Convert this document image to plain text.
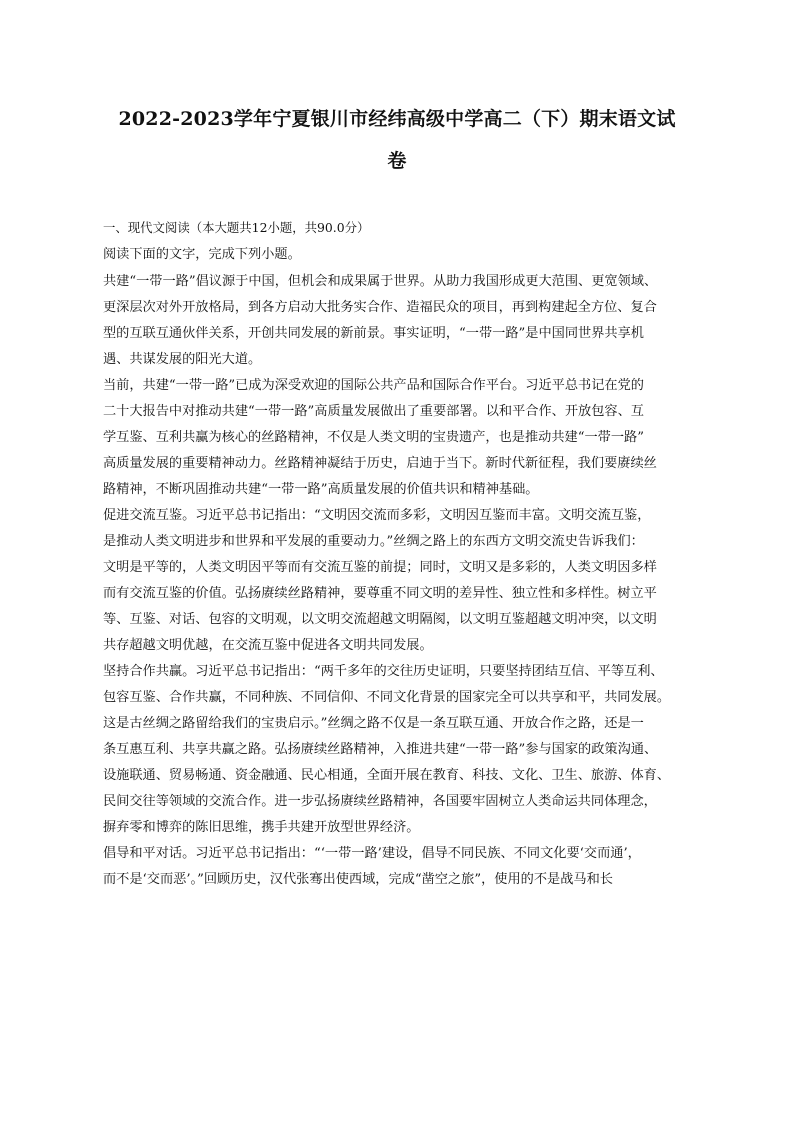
2022-2023学年宁夏银川市经纬高级中学高二（下）期末语文试
卷
一、现代文阅读（本大题共12小题，共90.0分）
阅读下面的文字，完成下列小题。
共建“一带一路”倡议源于中国，但机会和成果属于世界。从助力我国形成更大范围、更宽领域、
更深层次对外开放格局，到各方启动大批务实合作、造福民众的项目，再到构建起全方位、复合
型的互联互通伙伴关系，开创共同发展的新前景。事实证明，“一带一路”是中国同世界共享机
遇、共谋发展的阳光大道。
当前，共建“一带一路”已成为深受欢迎的国际公共产品和国际合作平台。习近平总书记在党的
二十大报告中对推动共建“一带一路”高质量发展做出了重要部署。以和平合作、开放包容、互
学互鉴、互利共赢为核心的丝路精神，不仅是人类文明的宝贵遗产，也是推动共建“一带一路”
高质量发展的重要精神动力。丝路精神凝结于历史，启迪于当下。新时代新征程，我们要赓续丝
路精神，不断巩固推动共建“一带一路”高质量发展的价值共识和精神基础。
促进交流互鉴。习近平总书记指出：“文明因交流而多彩，文明因互鉴而丰富。文明交流互鉴，
是推动人类文明进步和世界和平发展的重要动力。”丝绸之路上的东西方文明交流史告诉我们：
文明是平等的，人类文明因平等而有交流互鉴的前提；同时，文明又是多彩的，人类文明因多样
而有交流互鉴的价值。弘扬赓续丝路精神，要尊重不同文明的差异性、独立性和多样性。树立平
等、互鉴、对话、包容的文明观，以文明交流超越文明隔阂，以文明互鉴超越文明冲突，以文明
共存超越文明优越，在交流互鉴中促进各文明共同发展。
坚持合作共赢。习近平总书记指出：“两千多年的交往历史证明，只要坚持团结互信、平等互利、
包容互鉴、合作共赢，不同种族、不同信仰、不同文化背景的国家完全可以共享和平，共同发展。
这是古丝绸之路留给我们的宝贵启示。”丝绸之路不仅是一条互联互通、开放合作之路，还是一
条互惠互利、共享共赢之路。弘扬赓续丝路精神，入推进共建“一带一路”参与国家的政策沟通、
设施联通、贸易畅通、资金融通、民心相通，全面开展在教育、科技、文化、卫生、旅游、体育、
民间交往等领域的交流合作。进一步弘扬赓续丝路精神，各国要牢固树立人类命运共同体理念，
摒弃零和博弈的陈旧思维，携手共建开放型世界经济。
倡导和平对话。习近平总书记指出：“‘一带一路’建设，倡导不同民族、不同文化要‘交而通’，
而不是‘交而恶’。”回顾历史，汉代张骞出使西域，完成“凿空之旅”，使用的不是战马和长
